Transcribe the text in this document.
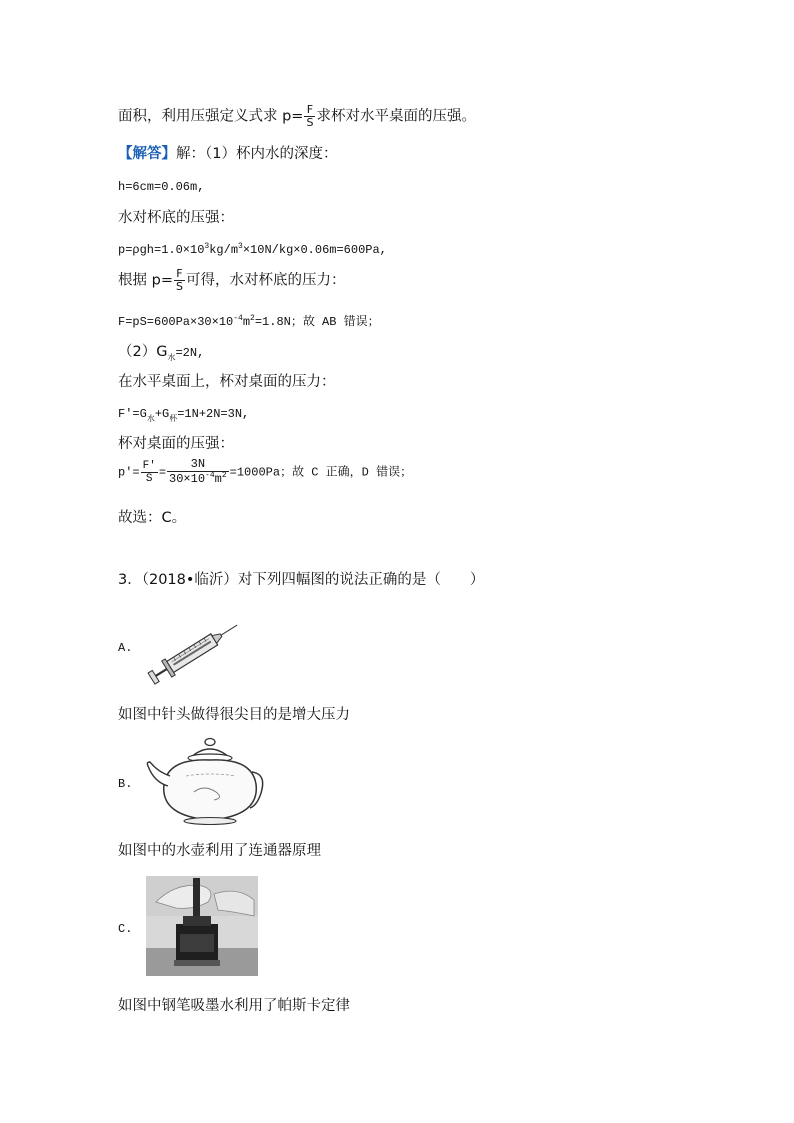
面积，利用压强定义式求 $p= \frac{F}{S}$ 求杯对水平桌面的压强。
【解答】解：（1）杯内水的深度：
h=6cm=0.06m,
水对杯底的压强：
$p=\rho gh=1.0\times 10^3kg/m^3\times 10N/kg\times 0.06m=600Pa$,
根据 $p= \frac{F}{S}$ 可得，水对杯底的压力：
$F=pS=600Pa\times 30\times 10^{-4}m^2=1.8N$；故 AB 错误；
$(2)G_水=2N$,
在水平桌面上，杯对桌面的压力：
$F'=G_水+G_杯=1N+2N=3N$,
杯对桌面的压强：
$p'= \frac{F'}{S} = \frac{3N}{30\times 10^{-4}m^2} =1000Pa$；故 C 正确，D 错误；
故选：C。
3．（2018•临沂）对下列四幅图的说法正确的是（　　）
A.
如图中针头做得很尖目的是增大压力
B.
如图中的水壶利用了连通器原理
C.
如图中钢笔吸墨水利用了帕斯卡定律
